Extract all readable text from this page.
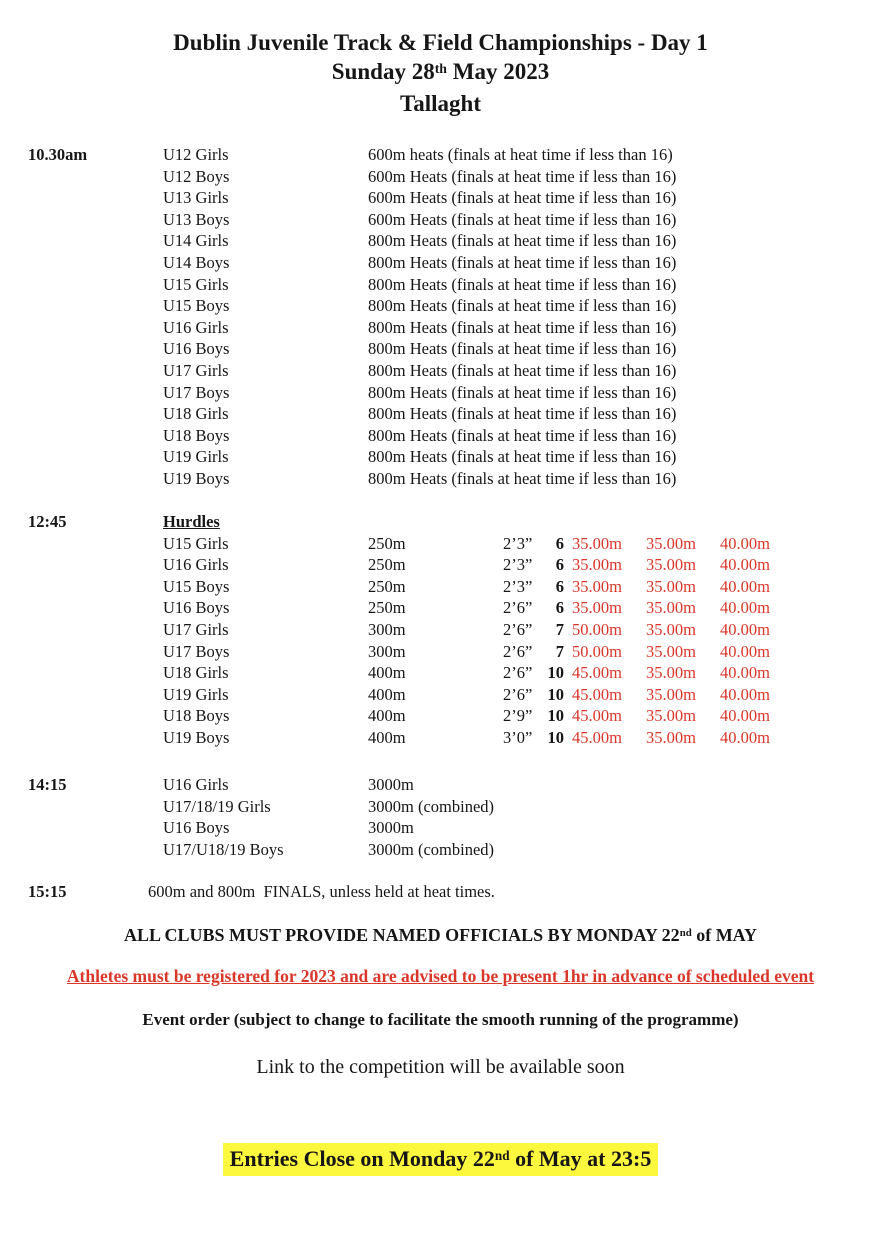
Dublin Juvenile Track & Field Championships - Day 1
Sunday 28th May 2023
Tallaght
10.30am	U12 Girls	600m heats (finals at heat time if less than 16)
U12 Boys	600m Heats (finals at heat time if less than 16)
U13 Girls	600m Heats (finals at heat time if less than 16)
U13 Boys	600m Heats (finals at heat time if less than 16)
U14 Girls	800m Heats (finals at heat time if less than 16)
U14 Boys	800m Heats (finals at heat time if less than 16)
U15 Girls	800m Heats (finals at heat time if less than 16)
U15 Boys	800m Heats (finals at heat time if less than 16)
U16 Girls	800m Heats (finals at heat time if less than 16)
U16 Boys	800m Heats (finals at heat time if less than 16)
U17 Girls	800m Heats (finals at heat time if less than 16)
U17 Boys	800m Heats (finals at heat time if less than 16)
U18 Girls	800m Heats (finals at heat time if less than 16)
U18 Boys	800m Heats (finals at heat time if less than 16)
U19 Girls	800m Heats (finals at heat time if less than 16)
U19 Boys	800m Heats (finals at heat time if less than 16)
12:45	Hurdles
U15 Girls	250m	2’3” 6 35.00m 35.00m 40.00m
U16 Girls	250m	2’3” 6 35.00m 35.00m 40.00m
U15 Boys	250m	2’3” 6 35.00m 35.00m 40.00m
U16 Boys	250m	2’6” 6 35.00m 35.00m 40.00m
U17 Girls	300m	2’6” 7 50.00m 35.00m 40.00m
U17 Boys	300m	2’6” 7 50.00m 35.00m 40.00m
U18 Girls	400m	2’6” 10 45.00m 35.00m 40.00m
U19 Girls	400m	2’6” 10 45.00m 35.00m 40.00m
U18 Boys	400m	2’9” 10 45.00m 35.00m 40.00m
U19 Boys	400m	3’0” 10 45.00m 35.00m 40.00m
14:15	U16 Girls	3000m
U17/18/19 Girls	3000m (combined)
U16 Boys	3000m
U17/U18/19 Boys	3000m (combined)
15:15	600m and 800m  FINALS, unless held at heat times.
ALL CLUBS MUST PROVIDE NAMED OFFICIALS BY MONDAY 22nd of MAY
Athletes must be registered for 2023 and are advised to be present 1hr in advance of scheduled event
Event order (subject to change to facilitate the smooth running of the programme)
Link to the competition will be available soon
Entries Close on Monday 22nd of May at 23:5
